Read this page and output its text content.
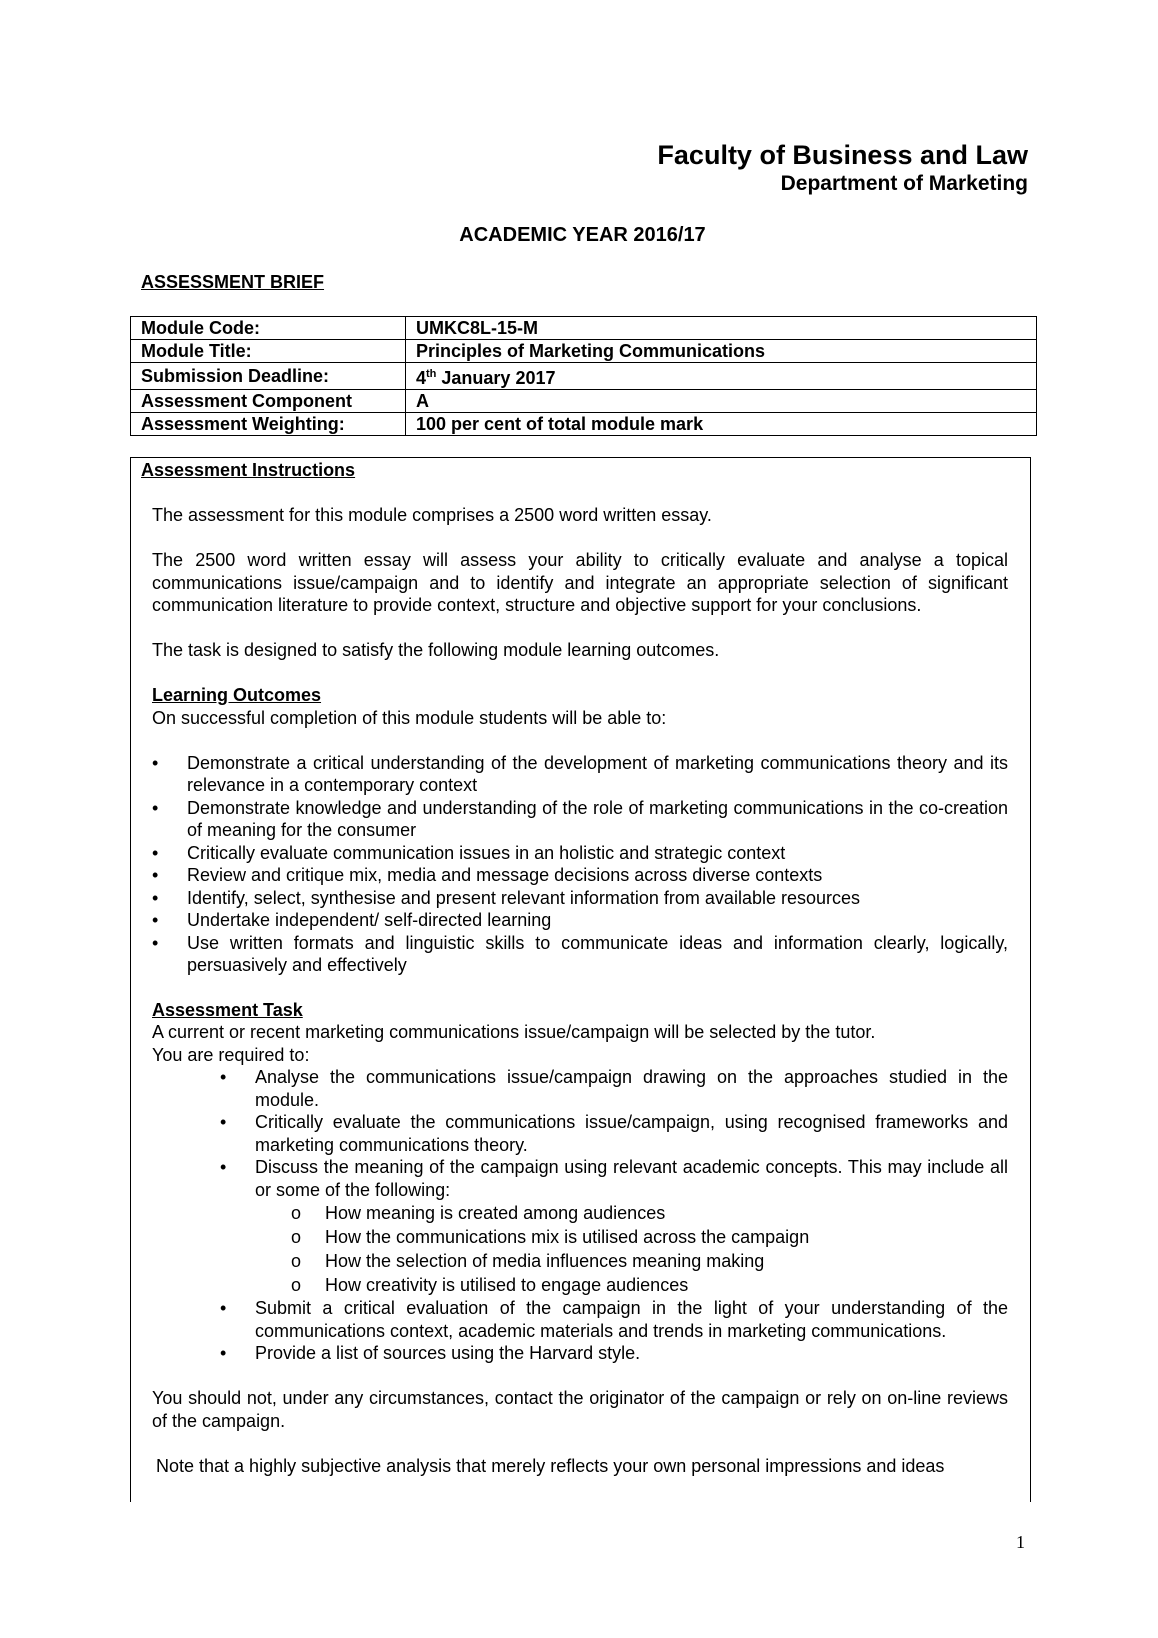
Faculty of Business and Law
Department of Marketing
ACADEMIC YEAR 2016/17
ASSESSMENT BRIEF
Module Code:	UMKC8L-15-M
Module Title:	Principles of Marketing Communications
Submission Deadline:	4th January 2017
Assessment Component	A
Assessment Weighting:	100 per cent of total module mark
Assessment Instructions

The assessment for this module comprises a 2500 word written essay.

The 2500 word written essay will assess your ability to critically evaluate and analyse a topical communications issue/campaign and to identify and integrate an appropriate selection of significant communication literature to provide context, structure and objective support for your conclusions.

The task is designed to satisfy the following module learning outcomes.

Learning Outcomes

On successful completion of this module students will be able to:

• Demonstrate a critical understanding of the development of marketing communications theory and its relevance in a contemporary context
• Demonstrate knowledge and understanding of the role of marketing communications in the co-creation of meaning for the consumer
• Critically evaluate communication issues in an holistic and strategic context
• Review and critique mix, media and message decisions across diverse contexts
• Identify, select, synthesise and present relevant information from available resources
• Undertake independent/ self-directed learning
• Use written formats and linguistic skills to communicate ideas and information clearly, logically, persuasively and effectively

Assessment Task

A current or recent marketing communications issue/campaign will be selected by the tutor.

You are required to:

• Analyse the communications issue/campaign drawing on the approaches studied in the module.
• Critically evaluate the communications issue/campaign, using recognised frameworks and marketing communications theory.
• Discuss the meaning of the campaign using relevant academic concepts. This may include all or some of the following:
o How meaning is created among audiences
o How the communications mix is utilised across the campaign
o How the selection of media influences meaning making
o How creativity is utilised to engage audiences
• Submit a critical evaluation of the campaign in the light of your understanding of the communications context, academic materials and trends in marketing communications.
• Provide a list of sources using the Harvard style.

You should not, under any circumstances, contact the originator of the campaign or rely on on-line reviews of the campaign.

Note that a highly subjective analysis that merely reflects your own personal impressions and ideas

1
